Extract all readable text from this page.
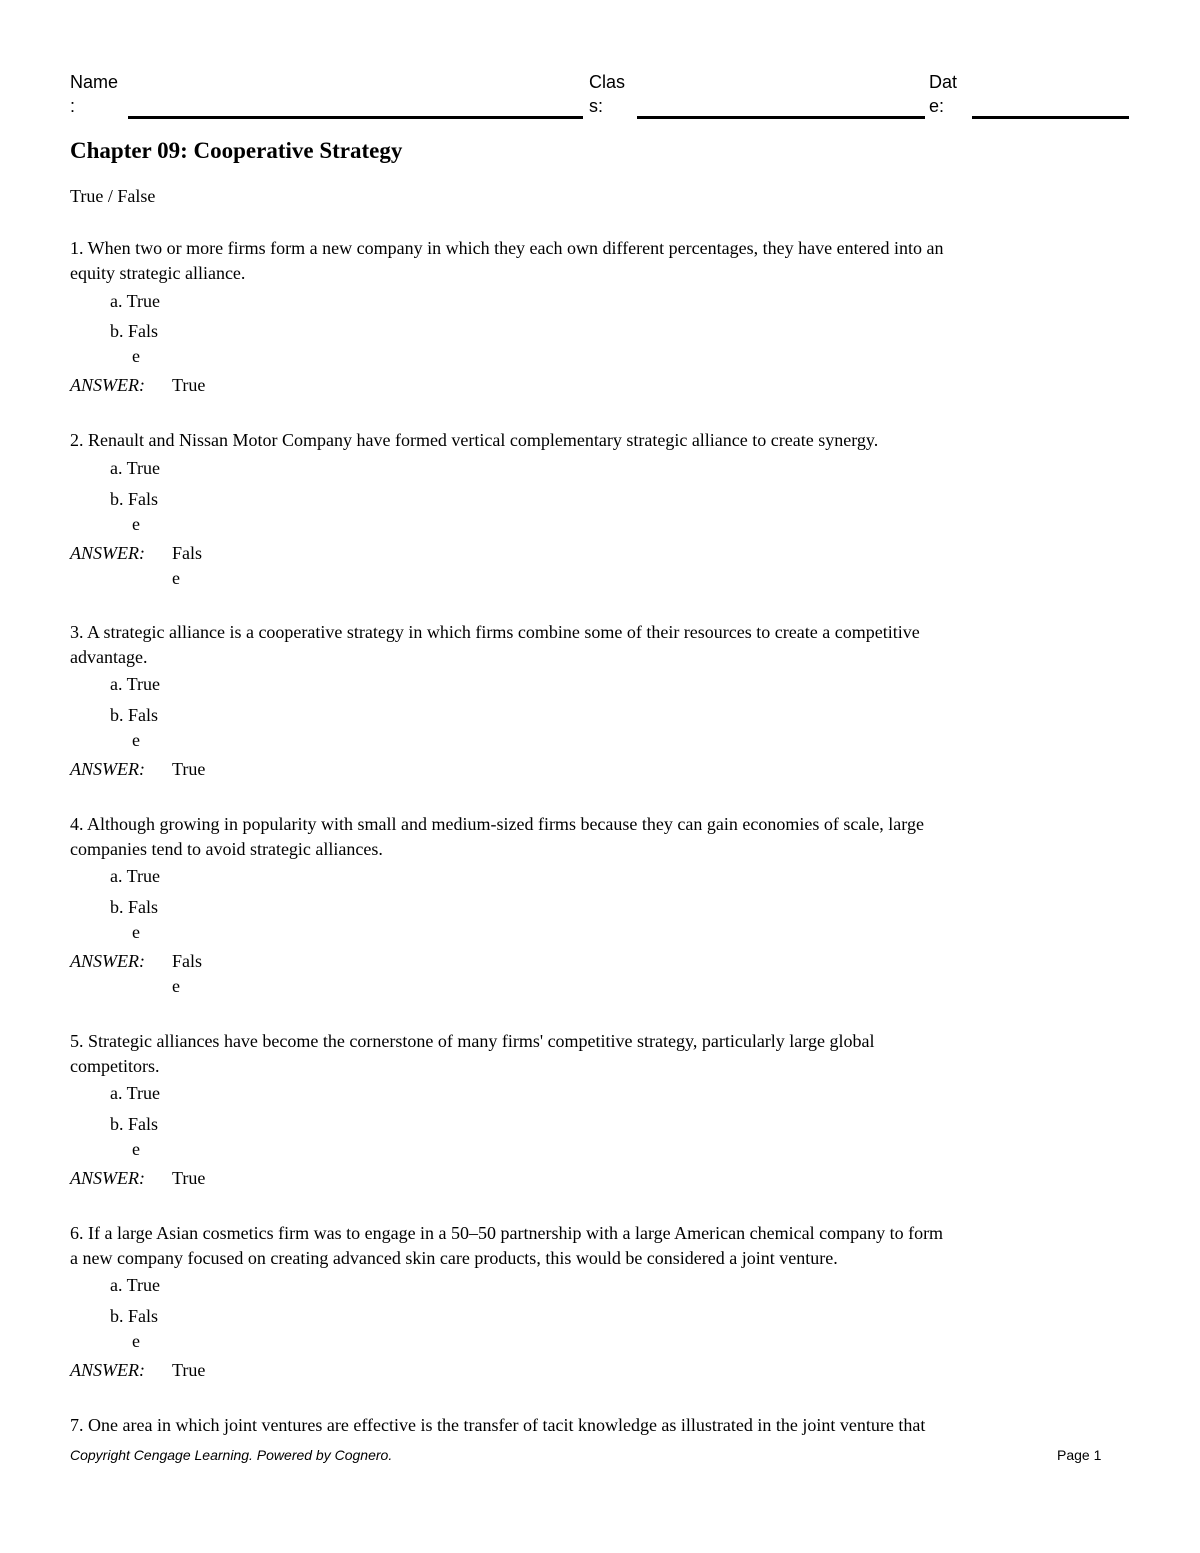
Name
:
Clas
s:
Dat
e:
Chapter 09: Cooperative Strategy
True / False
1. When two or more firms form a new company in which they each own different percentages, they have entered into an
equity strategic alliance.
a. True
b. Fals
e
ANSWER: True
2. Renault and Nissan Motor Company have formed vertical complementary strategic alliance to create synergy.
a. True
b. Fals
e
ANSWER: Fals
e
3. A strategic alliance is a cooperative strategy in which firms combine some of their resources to create a competitive
advantage.
a. True
b. Fals
e
ANSWER: True
4. Although growing in popularity with small and medium-sized firms because they can gain economies of scale, large
companies tend to avoid strategic alliances.
a. True
b. Fals
e
ANSWER: Fals
e
5. Strategic alliances have become the cornerstone of many firms' competitive strategy, particularly large global
competitors.
a. True
b. Fals
e
ANSWER: True
6. If a large Asian cosmetics firm was to engage in a 50–50 partnership with a large American chemical company to form
a new company focused on creating advanced skin care products, this would be considered a joint venture.
a. True
b. Fals
e
ANSWER: True
7. One area in which joint ventures are effective is the transfer of tacit knowledge as illustrated in the joint venture that
Copyright Cengage Learning. Powered by Cognero.	Page 1
